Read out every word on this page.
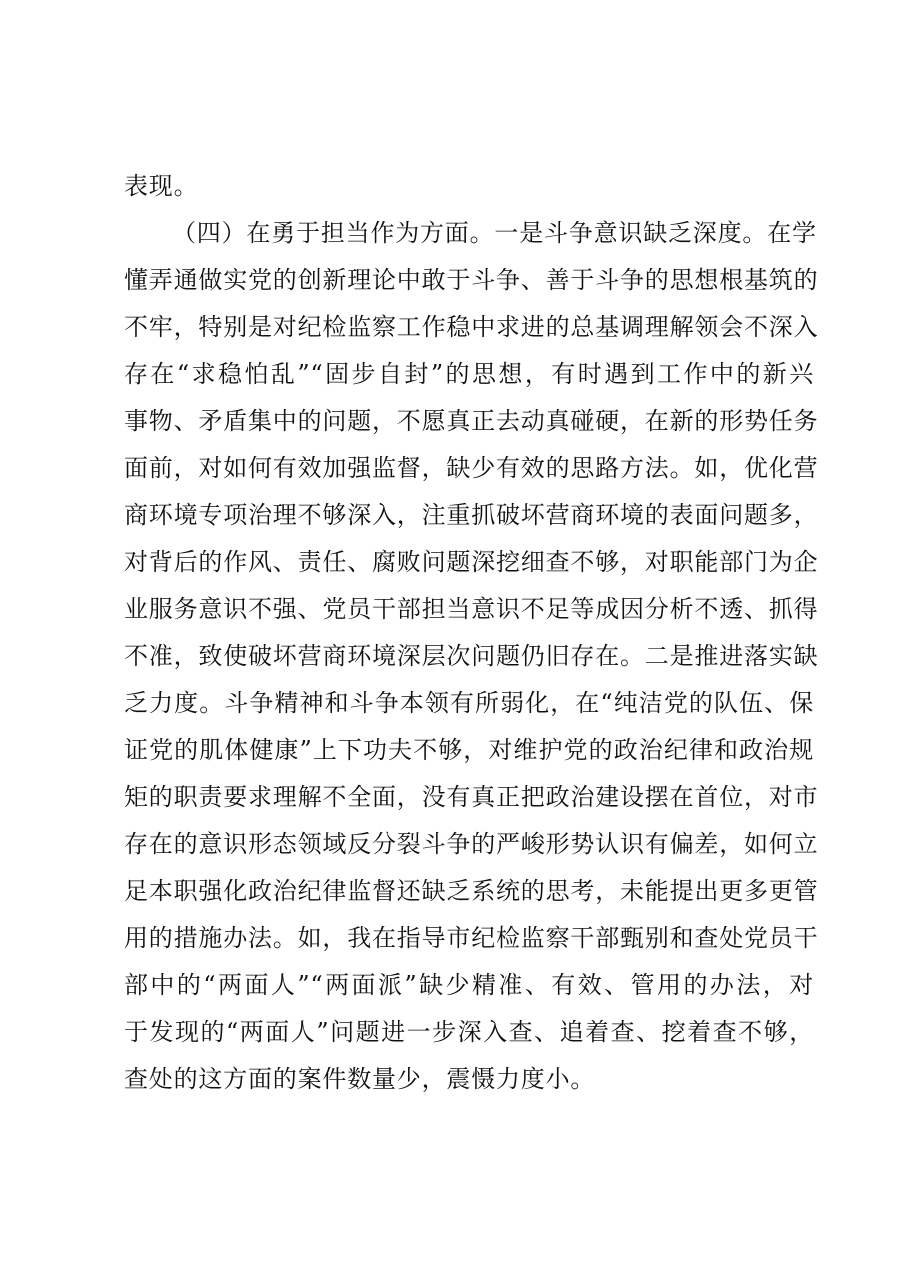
表现。
（四）在勇于担当作为方面。一是斗争意识缺乏深度。在学
懂弄通做实党的创新理论中敢于斗争、善于斗争的思想根基筑的
不牢，特别是对纪检监察工作稳中求进的总基调理解领会不深入
存在“求稳怕乱”“固步自封”的思想，有时遇到工作中的新兴
事物、矛盾集中的问题，不愿真正去动真碰硬，在新的形势任务
面前，对如何有效加强监督，缺少有效的思路方法。如，优化营
商环境专项治理不够深入，注重抓破坏营商环境的表面问题多，
对背后的作风、责任、腐败问题深挖细查不够，对职能部门为企
业服务意识不强、党员干部担当意识不足等成因分析不透、抓得
不准，致使破坏营商环境深层次问题仍旧存在。二是推进落实缺
乏力度。斗争精神和斗争本领有所弱化，在“纯洁党的队伍、保
证党的肌体健康”上下功夫不够，对维护党的政治纪律和政治规
矩的职责要求理解不全面，没有真正把政治建设摆在首位，对市
存在的意识形态领域反分裂斗争的严峻形势认识有偏差，如何立
足本职强化政治纪律监督还缺乏系统的思考，未能提出更多更管
用的措施办法。如，我在指导市纪检监察干部甄别和查处党员干
部中的“两面人”“两面派”缺少精准、有效、管用的办法，对
于发现的“两面人”问题进一步深入查、追着查、挖着查不够，
查处的这方面的案件数量少，震慑力度小。
